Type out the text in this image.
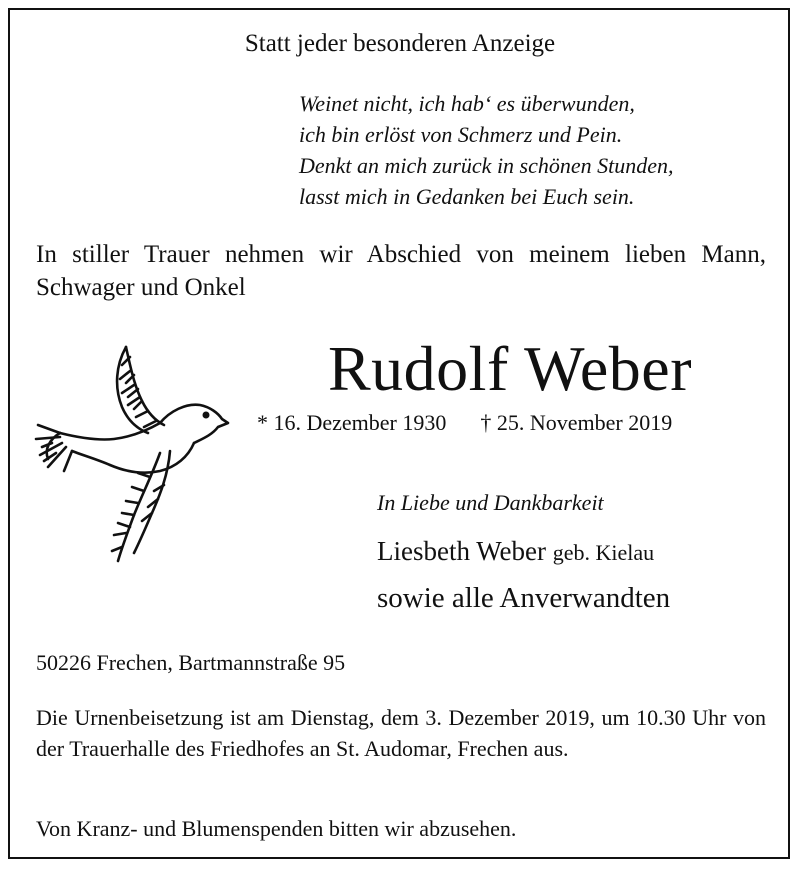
Statt jeder besonderen Anzeige
Weinet nicht, ich hab‘ es überwunden,
ich bin erlöst von Schmerz und Pein.
Denkt an mich zurück in schönen Stunden,
lasst mich in Gedanken bei Euch sein.
In stiller Trauer nehmen wir Abschied von meinem lieben Mann, Schwager und Onkel
Rudolf Weber
* 16. Dezember 1930 † 25. November 2019
In Liebe und Dankbarkeit
Liesbeth Weber geb. Kielau
sowie alle Anverwandten
50226 Frechen, Bartmannstraße 95
Die Urnenbeisetzung ist am Dienstag, dem 3. Dezember 2019, um 10.30 Uhr von der Trauerhalle des Friedhofes an St. Audomar, Frechen aus.
Von Kranz- und Blumenspenden bitten wir abzusehen.
